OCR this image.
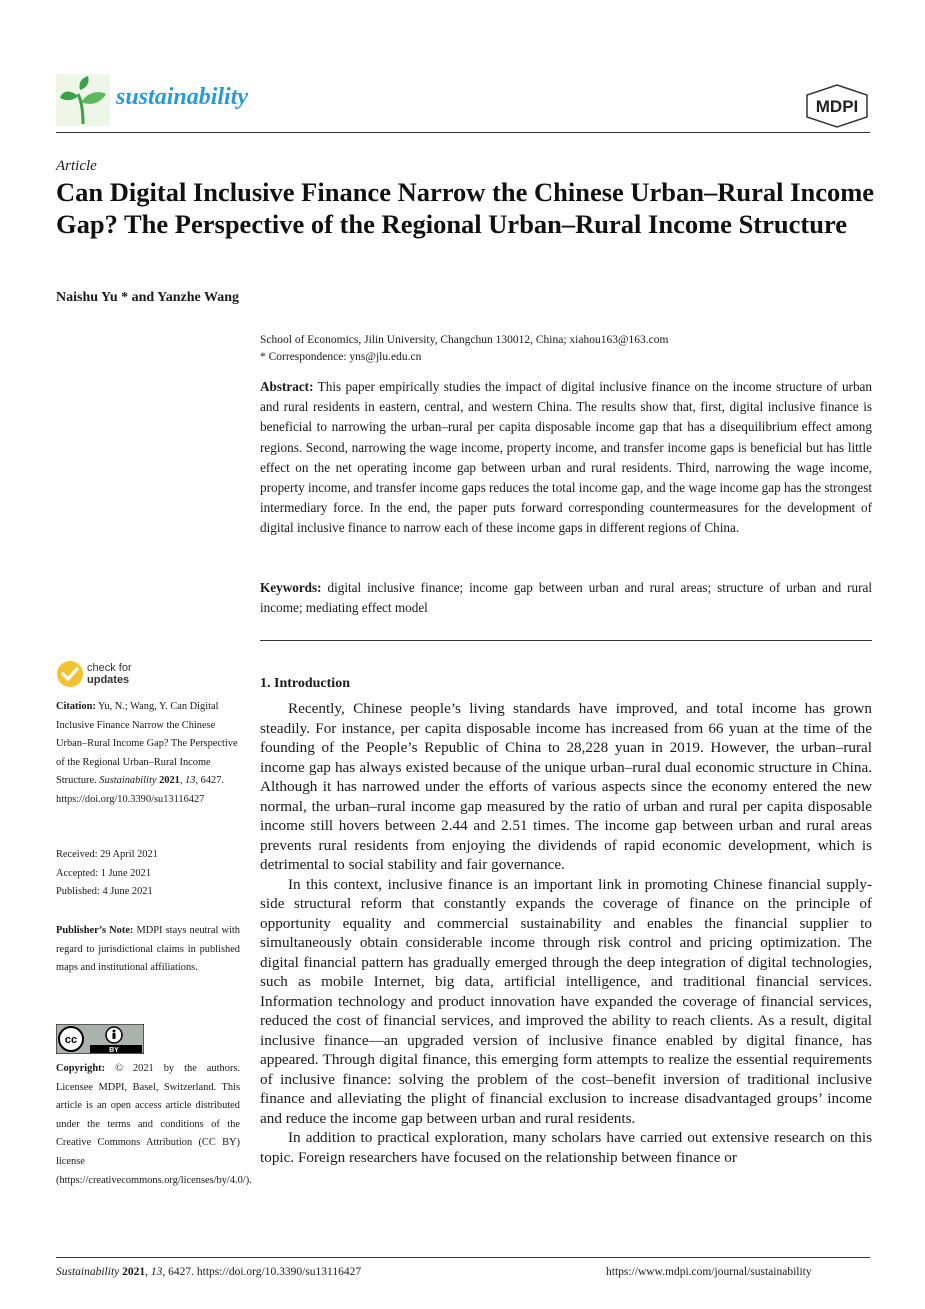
sustainability	MDPI
Article
Can Digital Inclusive Finance Narrow the Chinese Urban–Rural Income Gap? The Perspective of the Regional Urban–Rural Income Structure
Naishu Yu * and Yanzhe Wang
School of Economics, Jilin University, Changchun 130012, China; xiahou163@163.com
* Correspondence: yns@jlu.edu.cn
Abstract: This paper empirically studies the impact of digital inclusive finance on the income structure of urban and rural residents in eastern, central, and western China. The results show that, first, digital inclusive finance is beneficial to narrowing the urban–rural per capita disposable income gap that has a disequilibrium effect among regions. Second, narrowing the wage income, property income, and transfer income gaps is beneficial but has little effect on the net operating income gap between urban and rural residents. Third, narrowing the wage income, property income, and transfer income gaps reduces the total income gap, and the wage income gap has the strongest intermediary force. In the end, the paper puts forward corresponding countermeasures for the development of digital inclusive finance to narrow each of these income gaps in different regions of China.
Keywords: digital inclusive finance; income gap between urban and rural areas; structure of urban and rural income; mediating effect model
check for
updates
Citation: Yu, N.; Wang, Y. Can Digital Inclusive Finance Narrow the Chinese Urban–Rural Income Gap? The Perspective of the Regional Urban–Rural Income Structure. Sustainability 2021, 13, 6427. https://doi.org/10.3390/su13116427
Received: 29 April 2021
Accepted: 1 June 2021
Published: 4 June 2021
Publisher’s Note: MDPI stays neutral with regard to jurisdictional claims in published maps and institutional affiliations.
cc
BY
Copyright: © 2021 by the authors. Licensee MDPI, Basel, Switzerland. This article is an open access article distributed under the terms and conditions of the Creative Commons Attribution (CC BY) license (https://creativecommons.org/licenses/by/4.0/).
1. Introduction

Recently, Chinese people’s living standards have improved, and total income has grown steadily. For instance, per capita disposable income has increased from 66 yuan at the time of the founding of the People’s Republic of China to 28,228 yuan in 2019. However, the urban–rural income gap has always existed because of the unique urban–rural dual economic structure in China. Although it has narrowed under the efforts of various aspects since the economy entered the new normal, the urban–rural income gap measured by the ratio of urban and rural per capita disposable income still hovers between 2.44 and 2.51 times. The income gap between urban and rural areas prevents rural residents from enjoying the dividends of rapid economic development, which is detrimental to social stability and fair governance.

In this context, inclusive finance is an important link in promoting Chinese financial supply-side structural reform that constantly expands the coverage of finance on the principle of opportunity equality and commercial sustainability and enables the financial supplier to simultaneously obtain considerable income through risk control and pricing optimization. The digital financial pattern has gradually emerged through the deep integration of digital technologies, such as mobile Internet, big data, artificial intelligence, and traditional financial services. Information technology and product innovation have expanded the coverage of financial services, reduced the cost of financial services, and improved the ability to reach clients. As a result, digital inclusive finance—an upgraded version of inclusive finance enabled by digital finance, has appeared. Through digital finance, this emerging form attempts to realize the essential requirements of inclusive finance: solving the problem of the cost–benefit inversion of traditional inclusive finance and alleviating the plight of financial exclusion to increase disadvantaged groups’ income and reduce the income gap between urban and rural residents.

In addition to practical exploration, many scholars have carried out extensive research on this topic. Foreign researchers have focused on the relationship between finance or

Sustainability 2021, 13, 6427. https://doi.org/10.3390/su13116427	https://www.mdpi.com/journal/sustainability
